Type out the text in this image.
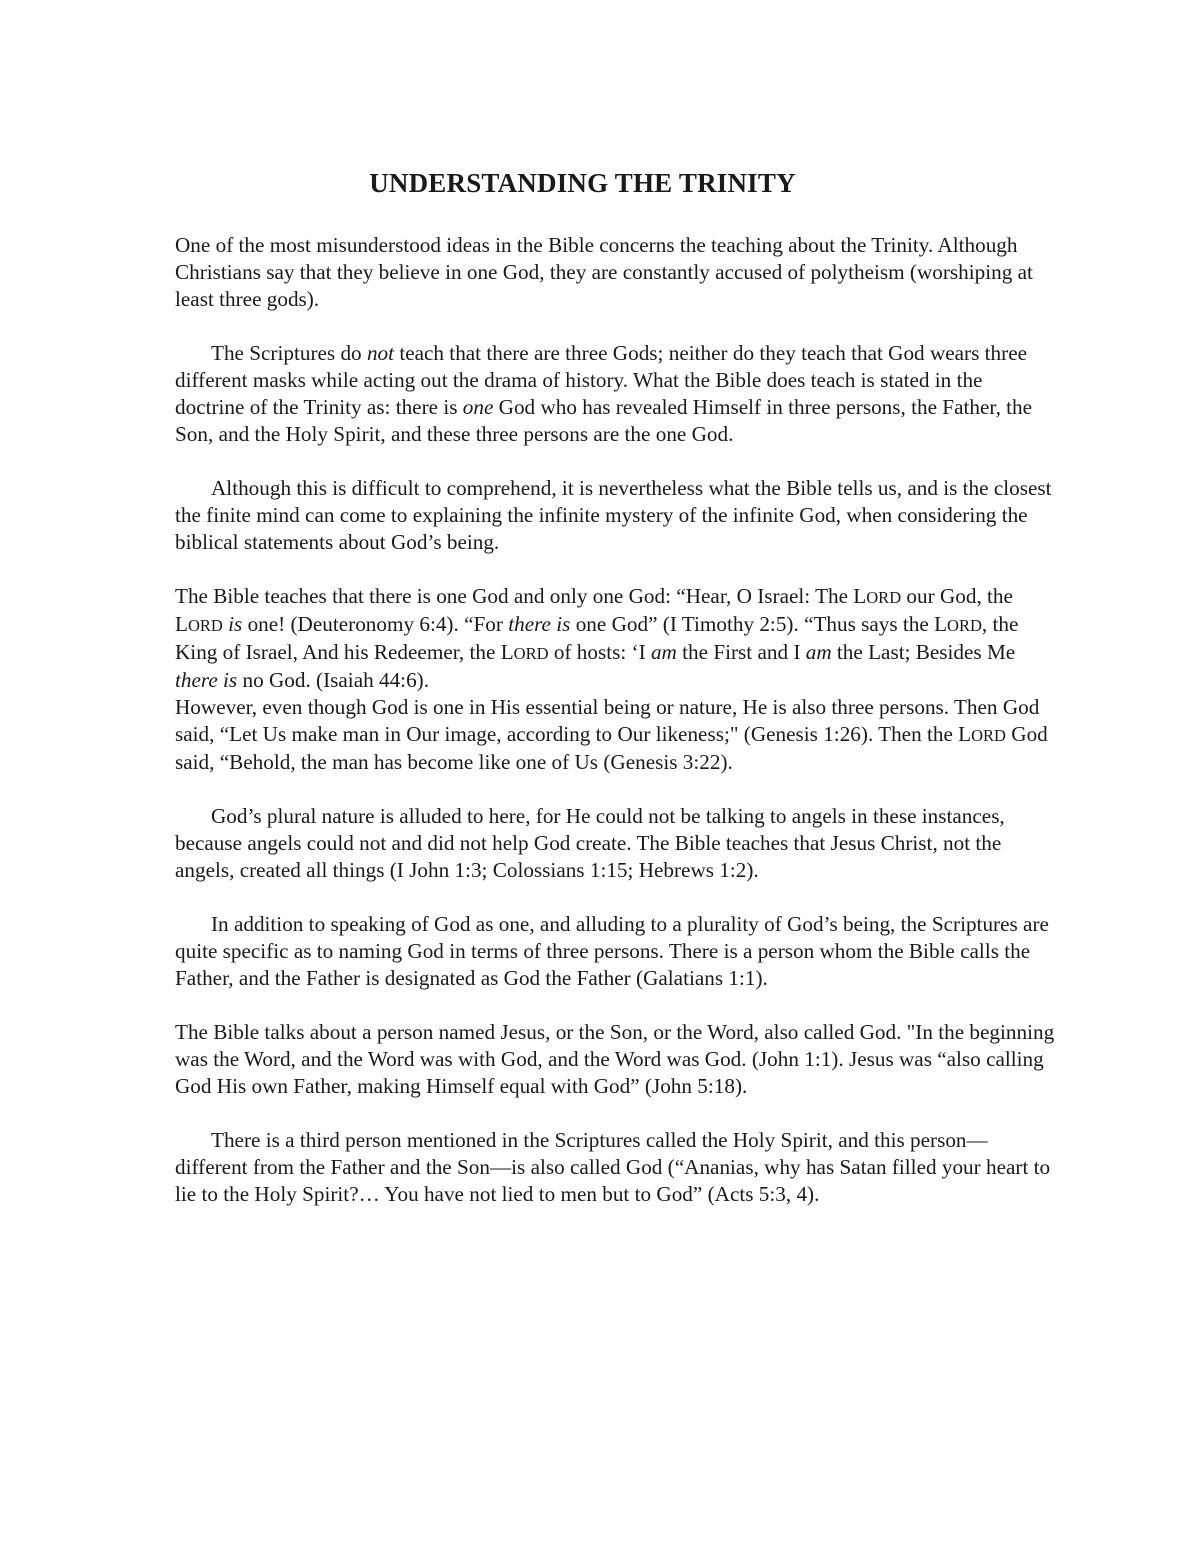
UNDERSTANDING THE TRINITY

One of the most misunderstood ideas in the Bible concerns the teaching about the Trinity. Although Christians say that they believe in one God, they are constantly accused of polytheism (worshiping at least three gods).

The Scriptures do not teach that there are three Gods; neither do they teach that God wears three different masks while acting out the drama of history. What the Bible does teach is stated in the doctrine of the Trinity as: there is one God who has revealed Himself in three persons, the Father, the Son, and the Holy Spirit, and these three persons are the one God.

Although this is difficult to comprehend, it is nevertheless what the Bible tells us, and is the closest the finite mind can come to explaining the infinite mystery of the infinite God, when considering the biblical statements about God’s being.

The Bible teaches that there is one God and only one God: “Hear, O Israel: The LORD our God, the LORD is one! (Deuteronomy 6:4). “For there is one God” (I Timothy 2:5). “Thus says the LORD, the King of Israel, And his Redeemer, the LORD of hosts: ‘I am the First and I am the Last; Besides Me there is no God. (Isaiah 44:6).

However, even though God is one in His essential being or nature, He is also three persons. Then God said, “Let Us make man in Our image, according to Our likeness;" (Genesis 1:26). Then the LORD God said, “Behold, the man has become like one of Us (Genesis 3:22).

God’s plural nature is alluded to here, for He could not be talking to angels in these instances, because angels could not and did not help God create. The Bible teaches that Jesus Christ, not the angels, created all things (I John 1:3; Colossians 1:15; Hebrews 1:2).

In addition to speaking of God as one, and alluding to a plurality of God’s being, the Scriptures are quite specific as to naming God in terms of three persons. There is a person whom the Bible calls the Father, and the Father is designated as God the Father (Galatians 1:1).

The Bible talks about a person named Jesus, or the Son, or the Word, also called God. "In the beginning was the Word, and the Word was with God, and the Word was God. (John 1:1). Jesus was “also calling God His own Father, making Himself equal with God” (John 5:18).

There is a third person mentioned in the Scriptures called the Holy Spirit, and this person—different from the Father and the Son—is also called God (“Ananias, why has Satan filled your heart to lie to the Holy Spirit?… You have not lied to men but to God” (Acts 5:3, 4).
